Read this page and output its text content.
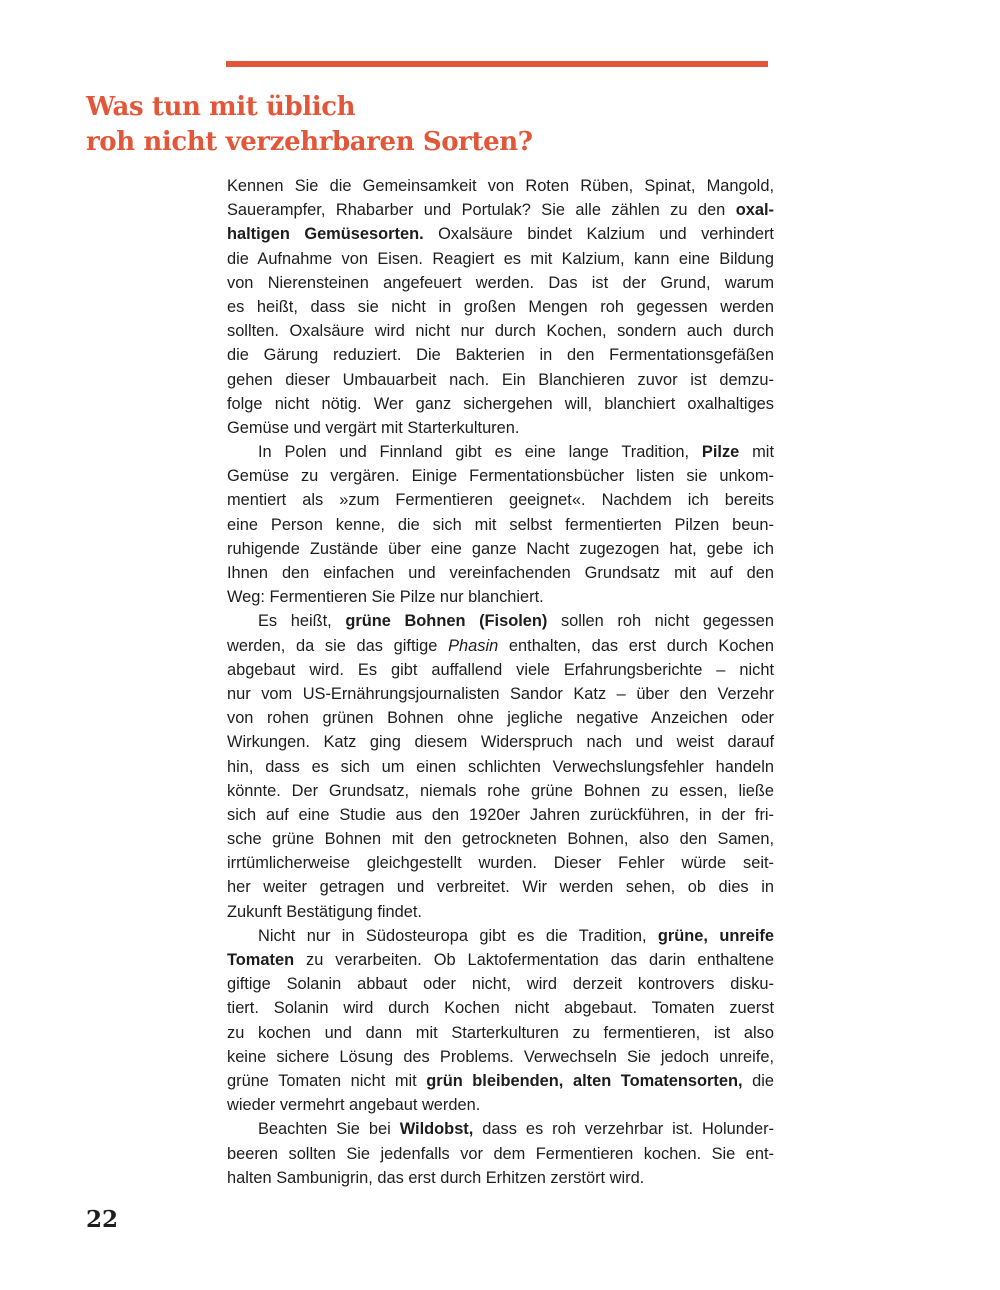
Was tun mit üblich
roh nicht verzehrbaren Sorten?
Kennen Sie die Gemeinsamkeit von Roten Rüben, Spinat, Mangold,
Sauerampfer, Rhabarber und Portulak? Sie alle zählen zu den oxal-
haltigen Gemüsesorten. Oxalsäure bindet Kalzium und verhindert
die Aufnahme von Eisen. Reagiert es mit Kalzium, kann eine Bildung
von Nierensteinen angefeuert werden. Das ist der Grund, warum
es heißt, dass sie nicht in großen Mengen roh gegessen werden
sollten. Oxalsäure wird nicht nur durch Kochen, sondern auch durch
die Gärung reduziert. Die Bakterien in den Fermentationsgefäßen
gehen dieser Umbauarbeit nach. Ein Blanchieren zuvor ist demzu-
folge nicht nötig. Wer ganz sichergehen will, blanchiert oxalhaltiges
Gemüse und vergärt mit Starterkulturen.
In Polen und Finnland gibt es eine lange Tradition, Pilze mit
Gemüse zu vergären. Einige Fermentationsbücher listen sie unkom-
mentiert als »zum Fermentieren geeignet«. Nachdem ich bereits
eine Person kenne, die sich mit selbst fermentierten Pilzen beun-
ruhigende Zustände über eine ganze Nacht zugezogen hat, gebe ich
Ihnen den einfachen und vereinfachenden Grundsatz mit auf den
Weg: Fermentieren Sie Pilze nur blanchiert.
Es heißt, grüne Bohnen (Fisolen) sollen roh nicht gegessen
werden, da sie das giftige Phasin enthalten, das erst durch Kochen
abgebaut wird. Es gibt auffallend viele Erfahrungsberichte – nicht
nur vom US-Ernährungsjournalisten Sandor Katz – über den Verzehr
von rohen grünen Bohnen ohne jegliche negative Anzeichen oder
Wirkungen. Katz ging diesem Widerspruch nach und weist darauf
hin, dass es sich um einen schlichten Verwechslungsfehler handeln
könnte. Der Grundsatz, niemals rohe grüne Bohnen zu essen, ließe
sich auf eine Studie aus den 1920er Jahren zurückführen, in der fri-
sche grüne Bohnen mit den getrockneten Bohnen, also den Samen,
irrtümlicherweise gleichgestellt wurden. Dieser Fehler würde seit-
her weiter getragen und verbreitet. Wir werden sehen, ob dies in
Zukunft Bestätigung findet.
Nicht nur in Südosteuropa gibt es die Tradition, grüne, unreife
Tomaten zu verarbeiten. Ob Laktofermentation das darin enthaltene
giftige Solanin abbaut oder nicht, wird derzeit kontrovers disku-
tiert. Solanin wird durch Kochen nicht abgebaut. Tomaten zuerst
zu kochen und dann mit Starterkulturen zu fermentieren, ist also
keine sichere Lösung des Problems. Verwechseln Sie jedoch unreife,
grüne Tomaten nicht mit grün bleibenden, alten Tomatensorten, die
wieder vermehrt angebaut werden.
Beachten Sie bei Wildobst, dass es roh verzehrbar ist. Holunder-
beeren sollten Sie jedenfalls vor dem Fermentieren kochen. Sie ent-
halten Sambunigrin, das erst durch Erhitzen zerstört wird.
22
